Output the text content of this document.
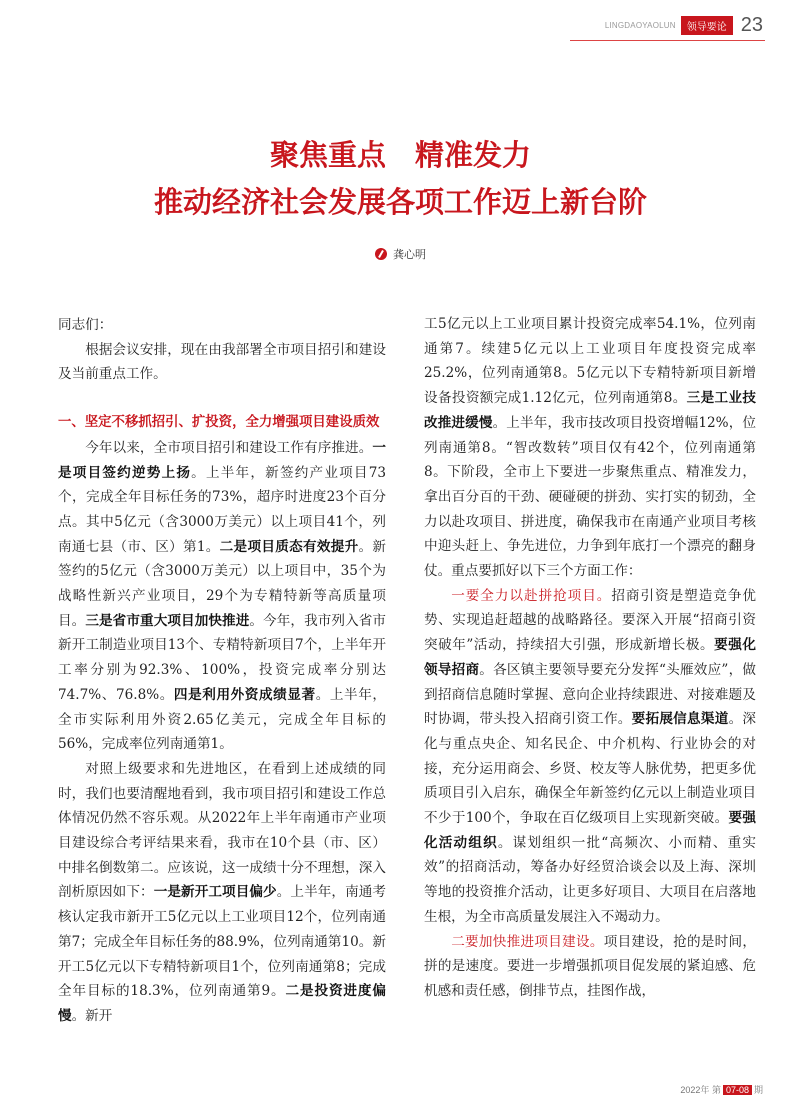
LINGDAOYAOLUN	领导要论 23
聚焦重点　精准发力
推动经济社会发展各项工作迈上新台阶
龚心明

同志们：

根据会议安排，现在由我部署全市项目招引和建设及当前重点工作。

一、坚定不移抓招引、扩投资，全力增强项目建设质效

今年以来，全市项目招引和建设工作有序推进。一是项目签约逆势上扬。上半年，新签约产业项目73个，完成全年目标任务的73%，超序时进度23个百分点。其中5亿元（含3000万美元）以上项目41个，列南通七县（市、区）第1。二是项目质态有效提升。新签约的5亿元（含3000万美元）以上项目中，35个为战略性新兴产业项目，29个为专精特新等高质量项目。三是省市重大项目加快推进。今年，我市列入省市新开工制造业项目13个、专精特新项目7个，上半年开工率分别为92.3%、100%，投资完成率分别达74.7%、76.8%。四是利用外资成绩显著。上半年，全市实际利用外资2.65亿美元，完成全年目标的56%，完成率位列南通第1。

对照上级要求和先进地区，在看到上述成绩的同时，我们也要清醒地看到，我市项目招引和建设工作总体情况仍然不容乐观。从2022年上半年南通市产业项目建设综合考评结果来看，我市在10个县（市、区）中排名倒数第二。应该说，这一成绩十分不理想，深入剖析原因如下：一是新开工项目偏少。上半年，南通考核认定我市新开工5亿元以上工业项目12个，位列南通第7；完成全年目标任务的88.9%，位列南通第10。新开工5亿元以下专精特新项目1个，位列南通第8；完成全年目标的18.3%，位列南通第9。二是投资进度偏慢。新开

工5亿元以上工业项目累计投资完成率54.1%，位列南通第7。续建5亿元以上工业项目年度投资完成率25.2%，位列南通第8。5亿元以下专精特新项目新增设备投资额完成1.12亿元，位列南通第8。三是工业技改推进缓慢。上半年，我市技改项目投资增幅12%，位列南通第8。“智改数转”项目仅有42个，位列南通第8。下阶段，全市上下要进一步聚焦重点、精准发力，拿出百分百的干劲、硬碰硬的拼劲、实打实的韧劲，全力以赴攻项目、拼进度，确保我市在南通产业项目考核中迎头赶上、争先进位，力争到年底打一个漂亮的翻身仗。重点要抓好以下三个方面工作：

一要全力以赴拼抢项目。招商引资是塑造竞争优势、实现追赶超越的战略路径。要深入开展“招商引资突破年”活动，持续招大引强，形成新增长极。要强化领导招商。各区镇主要领导要充分发挥“头雁效应”，做到招商信息随时掌握、意向企业持续跟进、对接难题及时协调，带头投入招商引资工作。要拓展信息渠道。深化与重点央企、知名民企、中介机构、行业协会的对接，充分运用商会、乡贤、校友等人脉优势，把更多优质项目引入启东，确保全年新签约亿元以上制造业项目不少于100个，争取在百亿级项目上实现新突破。要强化活动组织。谋划组织一批“高频次、小而精、重实效”的招商活动，筹备办好经贸洽谈会以及上海、深圳等地的投资推介活动，让更多好项目、大项目在启落地生根，为全市高质量发展注入不竭动力。

二要加快推进项目建设。项目建设，抢的是时间，拼的是速度。要进一步增强抓项目促发展的紧迫感、危机感和责任感，倒排节点，挂图作战，

2022年 第 07-08 期
